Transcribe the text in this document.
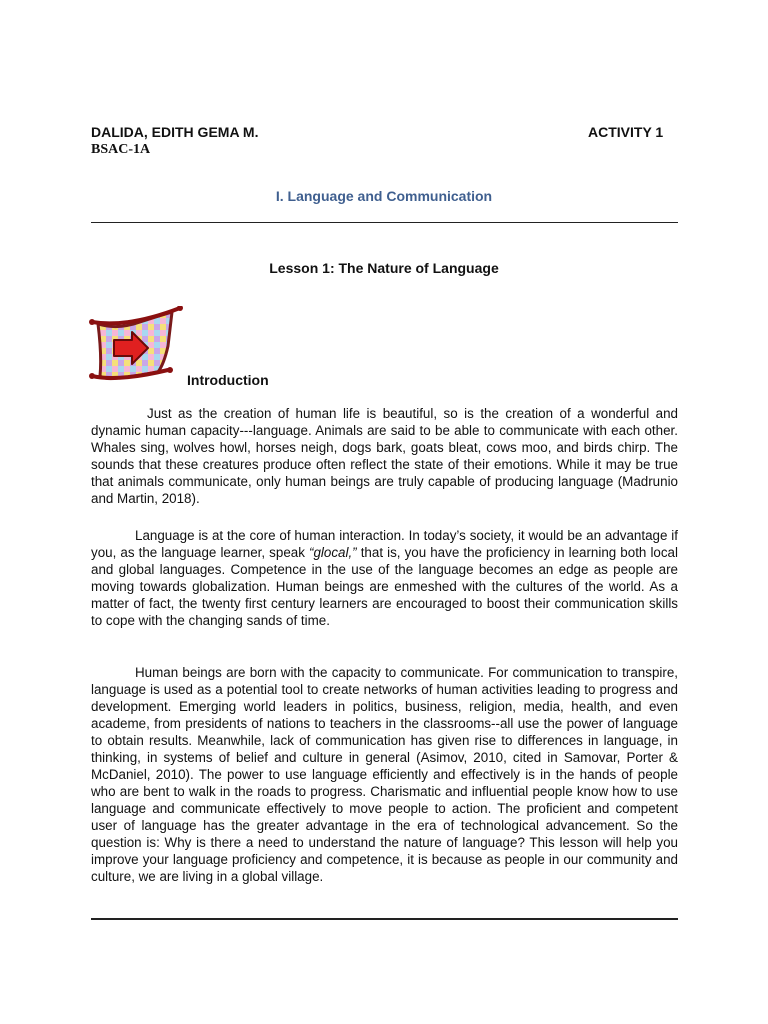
DALIDA, EDITH GEMA M.	ACTIVITY 1
BSAC-1A
I. Language and Communication
Lesson 1: The Nature of Language
Introduction

Just as the creation of human life is beautiful, so is the creation of a wonderful and dynamic human capacity---language. Animals are said to be able to communicate with each other. Whales sing, wolves howl, horses neigh, dogs bark, goats bleat, cows moo, and birds chirp. The sounds that these creatures produce often reflect the state of their emotions. While it may be true that animals communicate, only human beings are truly capable of producing language (Madrunio and Martin, 2018).

Language is at the core of human interaction. In today’s society, it would be an advantage if you, as the language learner, speak “glocal,” that is, you have the proficiency in learning both local and global languages. Competence in the use of the language becomes an edge as people are moving towards globalization. Human beings are enmeshed with the cultures of the world. As a matter of fact, the twenty first century learners are encouraged to boost their communication skills to cope with the changing sands of time.

Human beings are born with the capacity to communicate. For communication to transpire, language is used as a potential tool to create networks of human activities leading to progress and development. Emerging world leaders in politics, business, religion, media, health, and even academe, from presidents of nations to teachers in the classrooms--all use the power of language to obtain results. Meanwhile, lack of communication has given rise to differences in language, in thinking, in systems of belief and culture in general (Asimov, 2010, cited in Samovar, Porter & McDaniel, 2010). The power to use language efficiently and effectively is in the hands of people who are bent to walk in the roads to progress. Charismatic and influential people know how to use language and communicate effectively to move people to action. The proficient and competent user of language has the greater advantage in the era of technological advancement. So the question is: Why is there a need to understand the nature of language? This lesson will help you improve your language proficiency and competence, it is because as people in our community and culture, we are living in a global village.
